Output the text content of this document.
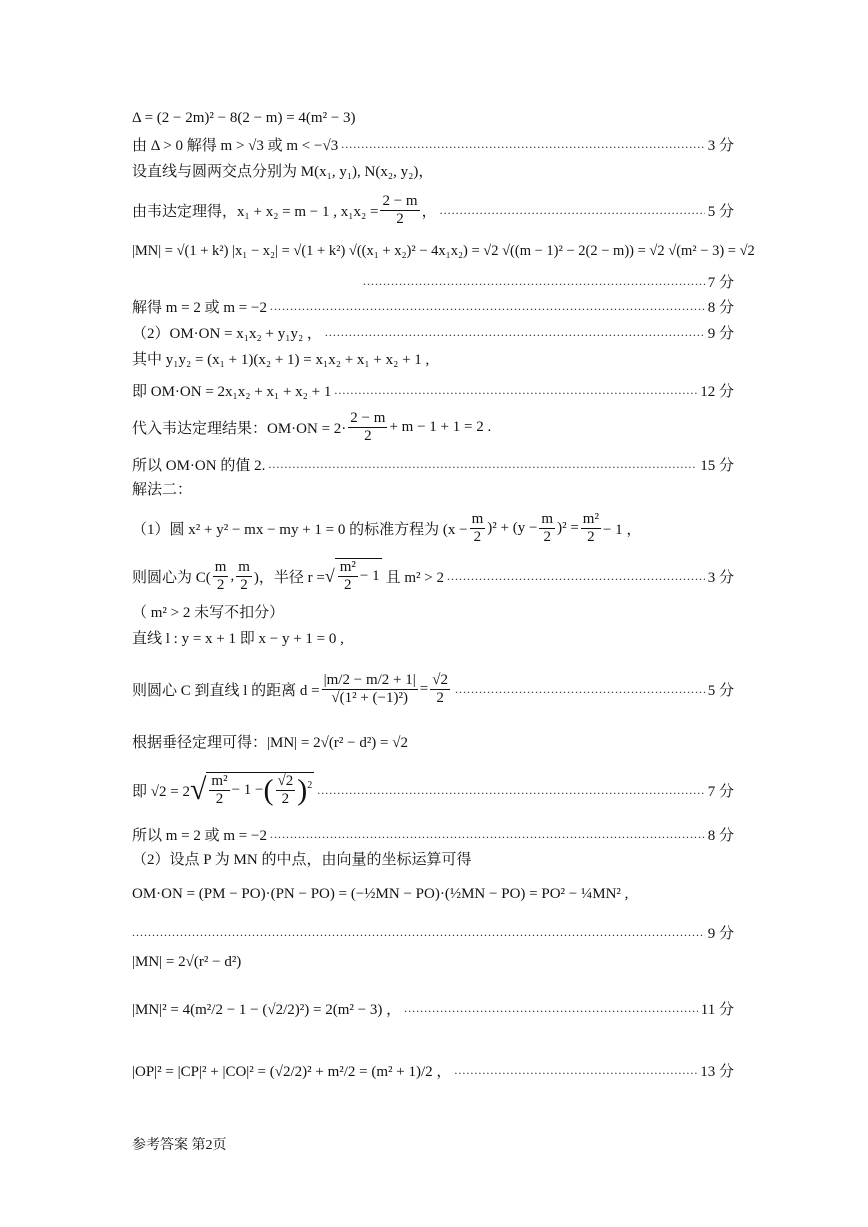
Δ = (2 − 2m)² − 8(2 − m) = 4(m² − 3)
由 Δ > 0 解得 m > √3 或 m < −√3 .....	3 分
设直线与圆两交点分别为 M(x₁, y₁), N(x₂, y₂)，
由韦达定理得，x₁ + x₂ = m − 1 , $x_1x_2 = \frac{2 - m}{2}$ ， .....	5 分
|MN| = √(1 + k²) |x₁ − x₂| = √(1 + k²) √((x₁ + x₂)² − 4x₁x₂) = √2 √((m − 1)² − 2(2 − m)) = √2 √(m² − 3) = √2
.....
7 分
解得 m = 2 或 m = −2 .....	8 分
（2）OM·ON = x₁x₂ + y₁y₂ ， .....	9 分
其中 y₁y₂ = (x₁ + 1)(x₂ + 1) = x₁x₂ + x₁ + x₂ + 1 ,
即 OM·ON = 2x₁x₂ + x₁ + x₂ + 1 .....	12 分
代入韦达定理结果：$OM\cdot ON = 2\cdot \frac{2 - m}{2} + m - 1 + 1 = 2$ .
所以 OM·ON 的值 2. .....	15 分
解法二：
（1）圆 x² + y² − mx − my + 1 = 0 的标准方程为 $(x - \frac{m}{2} )^2 + (y - \frac{m}{2} )^2 = \frac{\text{m²}}{2} - 1$ ，
则圆心为 $C( \frac{m}{2}$ , $\frac{m}{2}$ )，半径 r = √ $\frac{\text{m²}}{2} - 1$ 且 m² > 2 .....	3 分
（ m² > 2 未写不扣分）
直线 l : y = x + 1 即 x − y + 1 = 0 ,
则圆心 C 到直线 l 的距离 $d = \frac{|m/2 - m/2 + 1|}{\text{√(1² + (−1)²)}} = \frac{√2}{2}$ .....	5 分
根据垂径定理可得：|MN| = 2√(r² − d²) = √2
即 √2 = 2 √ $\frac{\text{m²}}{2} - 1$ −( $\frac{√2}{2} )^2$ .....	7 分
所以 m = 2 或 m = −2 .....	8 分
（2）设点 P 为 MN 的中点，由向量的坐标运算可得
OM·ON = (PM − PO)·(PN − PO) = (−½MN − PO)·(½MN − PO) = PO² − ¼MN² ,
.....
9 分
|MN| = 2√(r² − d²)
|MN|² = 4(m²/2 − 1 − (√2/2)²) = 2(m² − 3) ， .....	11 分
|OP|² = |CP|² + |CO|² = (√2/2)² + m²/2 = (m² + 1)/2 ， .....	13 分
参考答案 第2页
